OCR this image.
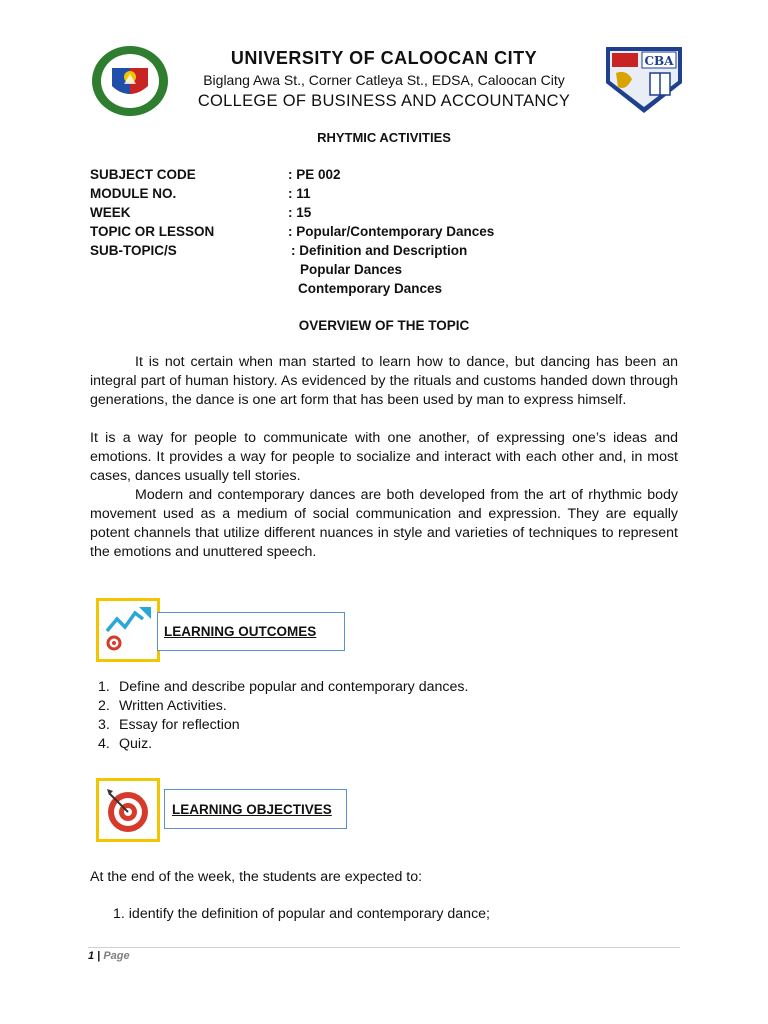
CBA
UNIVERSITY OF CALOOCAN CITY
Biglang Awa St., Corner Catleya St., EDSA, Caloocan City
COLLEGE OF BUSINESS AND ACCOUNTANCY
RHYTMIC ACTIVITIES
SUBJECT CODE	: PE 002
MODULE NO.	: 11
WEEK	: 15
TOPIC OR LESSON	: Popular/Contemporary Dances
SUB-TOPIC/S	: Definition and Description
Popular Dances
Contemporary Dances
OVERVIEW OF THE TOPIC
It is not certain when man started to learn how to dance, but dancing has been an integral part of human history. As evidenced by the rituals and customs handed down through generations, the dance is one art form that has been used by man to express himself.
It is a way for people to communicate with one another, of expressing one’s ideas and emotions. It provides a way for people to socialize and interact with each other and, in most cases, dances usually tell stories.
Modern and contemporary dances are both developed from the art of rhythmic body movement used as a medium of social communication and expression. They are equally potent channels that utilize different nuances in style and varieties of techniques to represent the emotions and unuttered speech.
LEARNING OUTCOMES
1. Define and describe popular and contemporary dances.
2. Written Activities.
3. Essay for reflection
4. Quiz.
LEARNING OBJECTIVES
At the end of the week, the students are expected to:
1. identify the definition of popular and contemporary dance;
1 | Page
